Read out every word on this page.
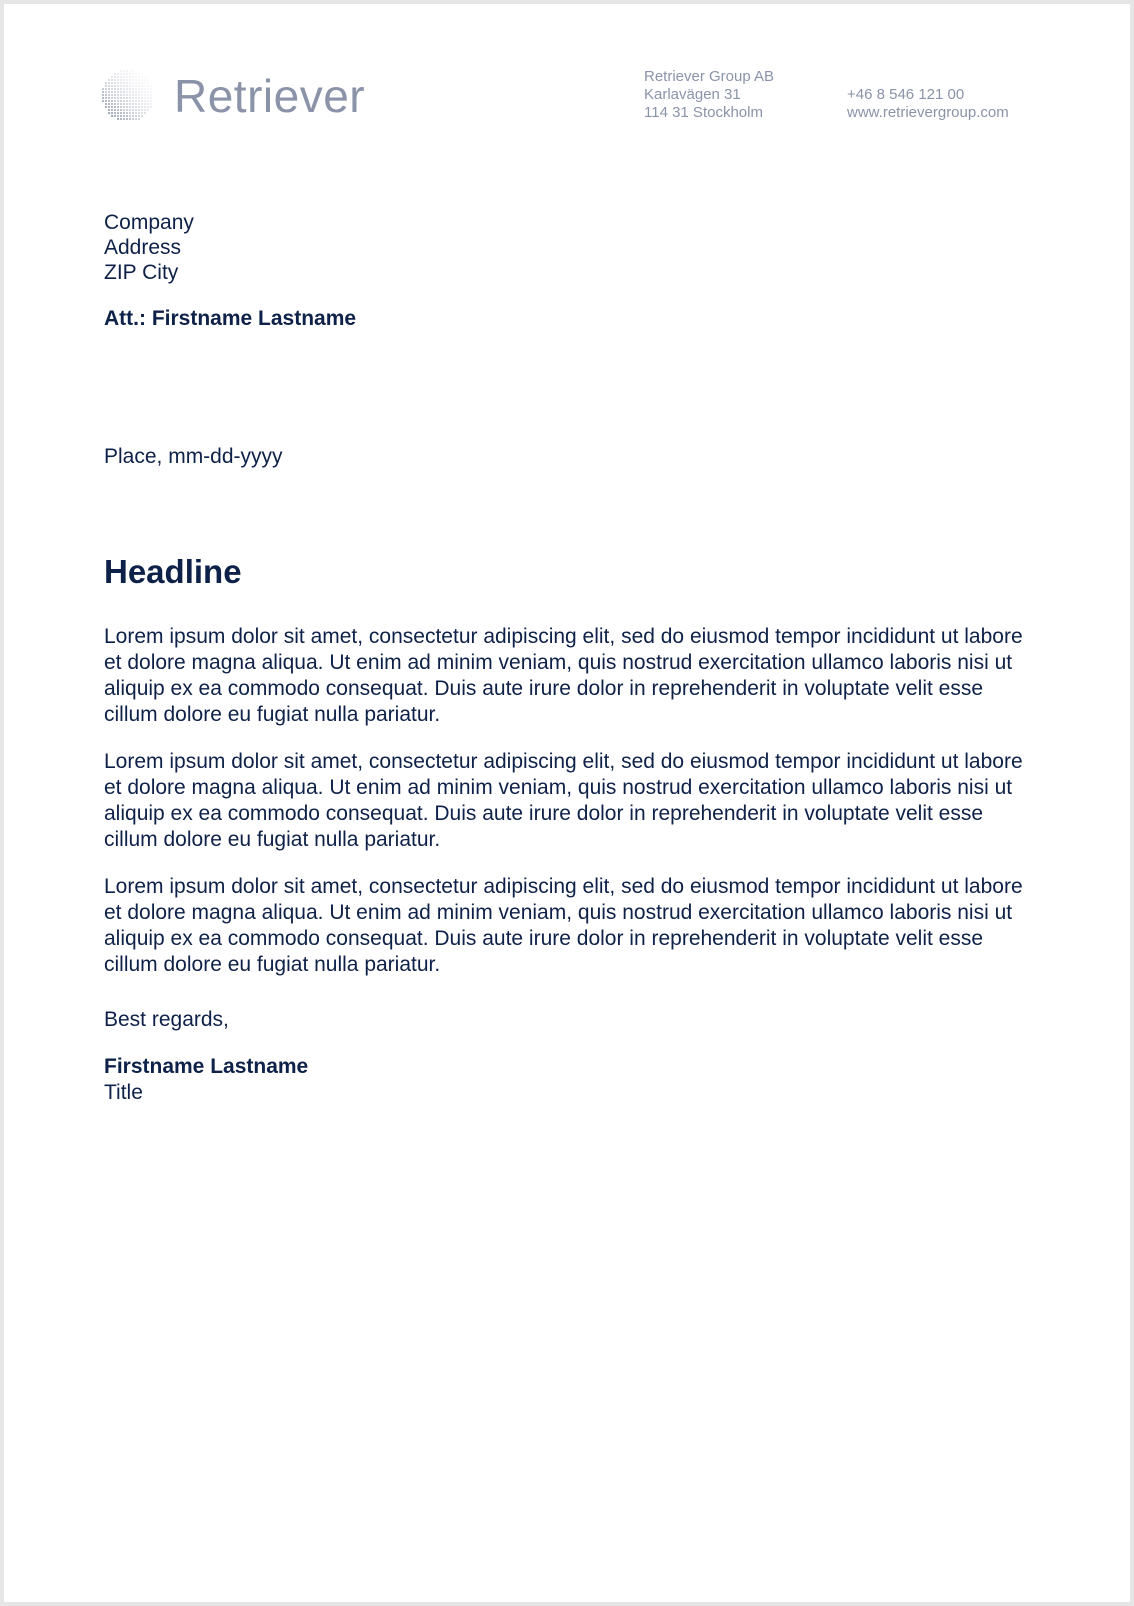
Retriever	Retriever Group AB
Karlavägen 31
114 31 Stockholm
+46 8 546 121 00
www.retrievergroup.com
Company
Address
ZIP City
Att.: Firstname Lastname
Place, mm-dd-yyyy
Headline

Lorem ipsum dolor sit amet, consectetur adipiscing elit, sed do eiusmod tempor incididunt ut labore et dolore magna aliqua. Ut enim ad minim veniam, quis nostrud exercitation ullamco laboris nisi ut aliquip ex ea commodo consequat. Duis aute irure dolor in reprehenderit in voluptate velit esse cillum dolore eu fugiat nulla pariatur.

Lorem ipsum dolor sit amet, consectetur adipiscing elit, sed do eiusmod tempor incididunt ut labore et dolore magna aliqua. Ut enim ad minim veniam, quis nostrud exercitation ullamco laboris nisi ut aliquip ex ea commodo consequat. Duis aute irure dolor in reprehenderit in voluptate velit esse cillum dolore eu fugiat nulla pariatur.

Lorem ipsum dolor sit amet, consectetur adipiscing elit, sed do eiusmod tempor incididunt ut labore et dolore magna aliqua. Ut enim ad minim veniam, quis nostrud exercitation ullamco laboris nisi ut aliquip ex ea commodo consequat. Duis aute irure dolor in reprehenderit in voluptate velit esse cillum dolore eu fugiat nulla pariatur.

Best regards,
Firstname Lastname
Title
